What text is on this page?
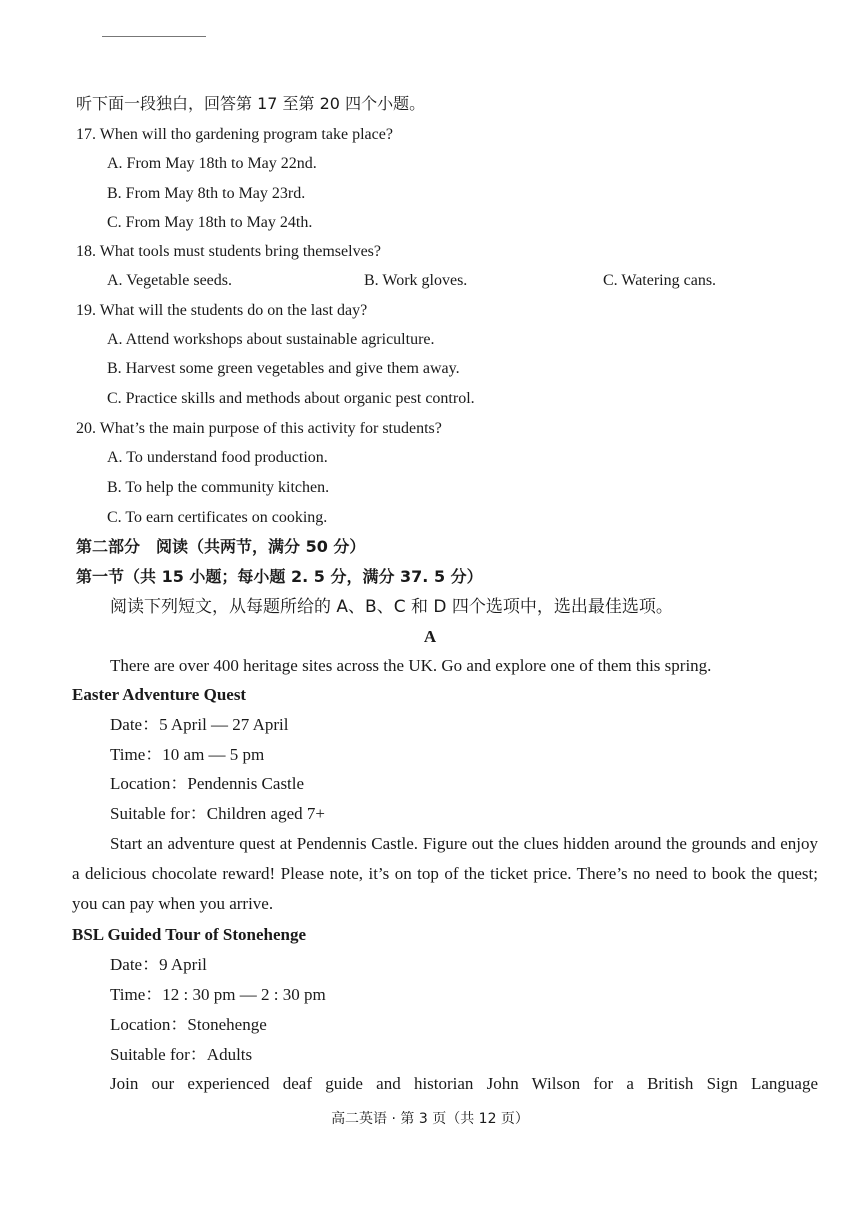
听下面一段独白，回答第 17 至第 20 四个小题。
17. When will tho gardening program take place?
A. From May 18th to May 22nd.
B. From May 8th to May 23rd.
C. From May 18th to May 24th.
18. What tools must students bring themselves?
A. Vegetable seeds.	B. Work gloves.	C. Watering cans.
19. What will the students do on the last day?
A. Attend workshops about sustainable agriculture.
B. Harvest some green vegetables and give them away.
C. Practice skills and methods about organic pest control.
20. What’s the main purpose of this activity for students?
A. To understand food production.
B. To help the community kitchen.
C. To earn certificates on cooking.
第二部分　阅读（共两节，满分 50 分）
第一节（共 15 小题；每小题 2. 5 分，满分 37. 5 分）
阅读下列短文，从每题所给的 A、B、C 和 D 四个选项中，选出最佳选项。
A
There are over 400 heritage sites across the UK. Go and explore one of them this spring.
Easter Adventure Quest
Date：5 April — 27 April
Time：10 am — 5 pm
Location：Pendennis Castle
Suitable for：Children aged 7+
Start an adventure quest at Pendennis Castle. Figure out the clues hidden around the grounds and enjoy a delicious chocolate reward! Please note, it’s on top of the ticket price. There’s no need to book the quest; you can pay when you arrive.
BSL Guided Tour of Stonehenge
Date：9 April
Time：12 : 30 pm — 2 : 30 pm
Location：Stonehenge
Suitable for：Adults
Join our experienced deaf guide and historian John Wilson for a British Sign Language
高二英语 · 第 3 页（共 12 页）
